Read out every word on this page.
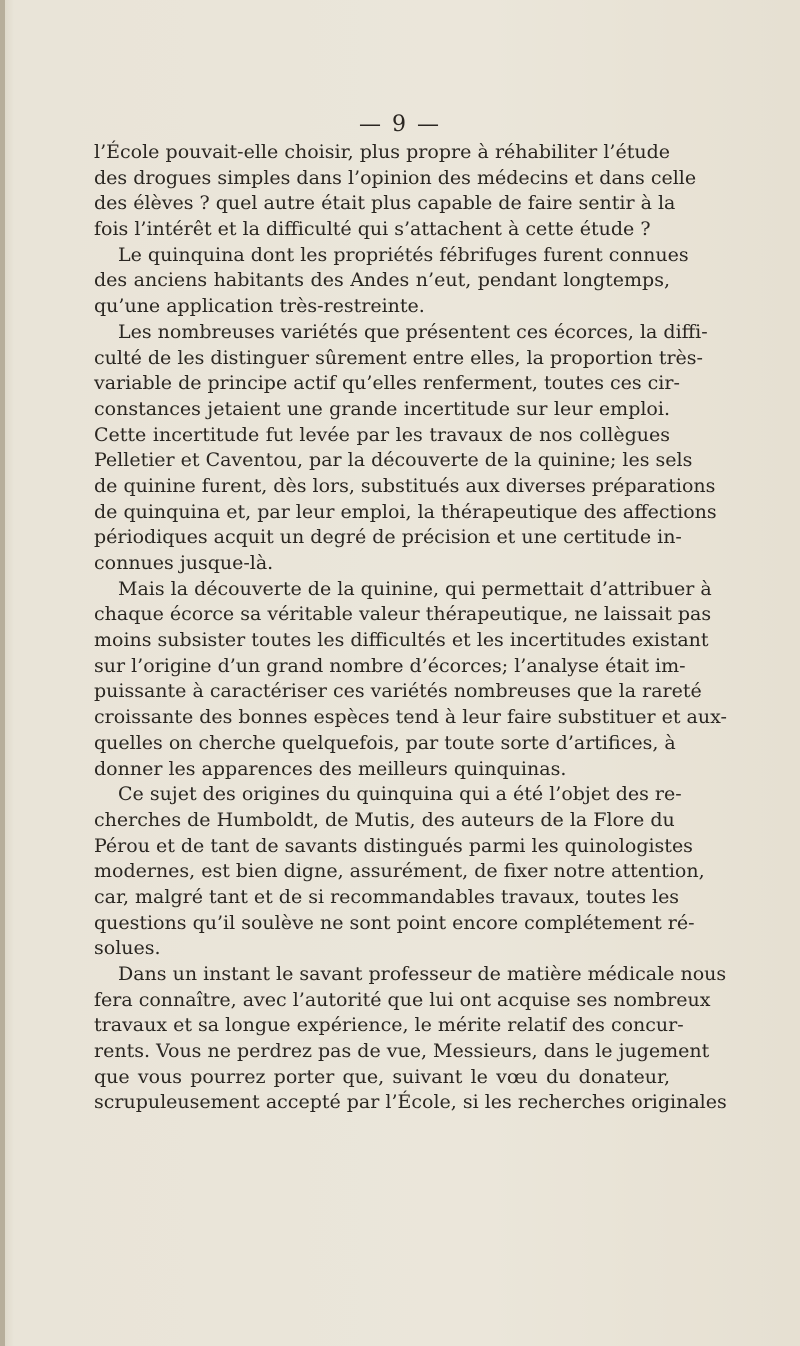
— 9 —
l’École pouvait-elle choisir, plus propre à réhabiliter l’étude
des drogues simples dans l’opinion des médecins et dans celle
des élèves ? quel autre était plus capable de faire sentir à la
fois l’intérêt et la difficulté qui s’attachent à cette étude ?
Le quinquina dont les propriétés fébrifuges furent connues
des anciens habitants des Andes n’eut, pendant longtemps,
qu’une application très-restreinte.
Les nombreuses variétés que présentent ces écorces, la diffi-
culté de les distinguer sûrement entre elles, la proportion très-
variable de principe actif qu’elles renferment, toutes ces cir-
constances jetaient une grande incertitude sur leur emploi.
Cette incertitude fut levée par les travaux de nos collègues
Pelletier et Caventou, par la découverte de la quinine; les sels
de quinine furent, dès lors, substitués aux diverses préparations
de quinquina et, par leur emploi, la thérapeutique des affections
périodiques acquit un degré de précision et une certitude in-
connues jusque-là.
Mais la découverte de la quinine, qui permettait d’attribuer à
chaque écorce sa véritable valeur thérapeutique, ne laissait pas
moins subsister toutes les difficultés et les incertitudes existant
sur l’origine d’un grand nombre d’écorces; l’analyse était im-
puissante à caractériser ces variétés nombreuses que la rareté
croissante des bonnes espèces tend à leur faire substituer et aux-
quelles on cherche quelquefois, par toute sorte d’artifices, à
donner les apparences des meilleurs quinquinas.
Ce sujet des origines du quinquina qui a été l’objet des re-
cherches de Humboldt, de Mutis, des auteurs de la Flore du
Pérou et de tant de savants distingués parmi les quinologistes
modernes, est bien digne, assurément, de fixer notre attention,
car, malgré tant et de si recommandables travaux, toutes les
questions qu’il soulève ne sont point encore complétement ré-
solues.
Dans un instant le savant professeur de matière médicale nous
fera connaître, avec l’autorité que lui ont acquise ses nombreux
travaux et sa longue expérience, le mérite relatif des concur-
rents. Vous ne perdrez pas de vue, Messieurs, dans le jugement
que vous pourrez porter que, suivant le vœu du donateur,
scrupuleusement accepté par l’École, si les recherches originales
